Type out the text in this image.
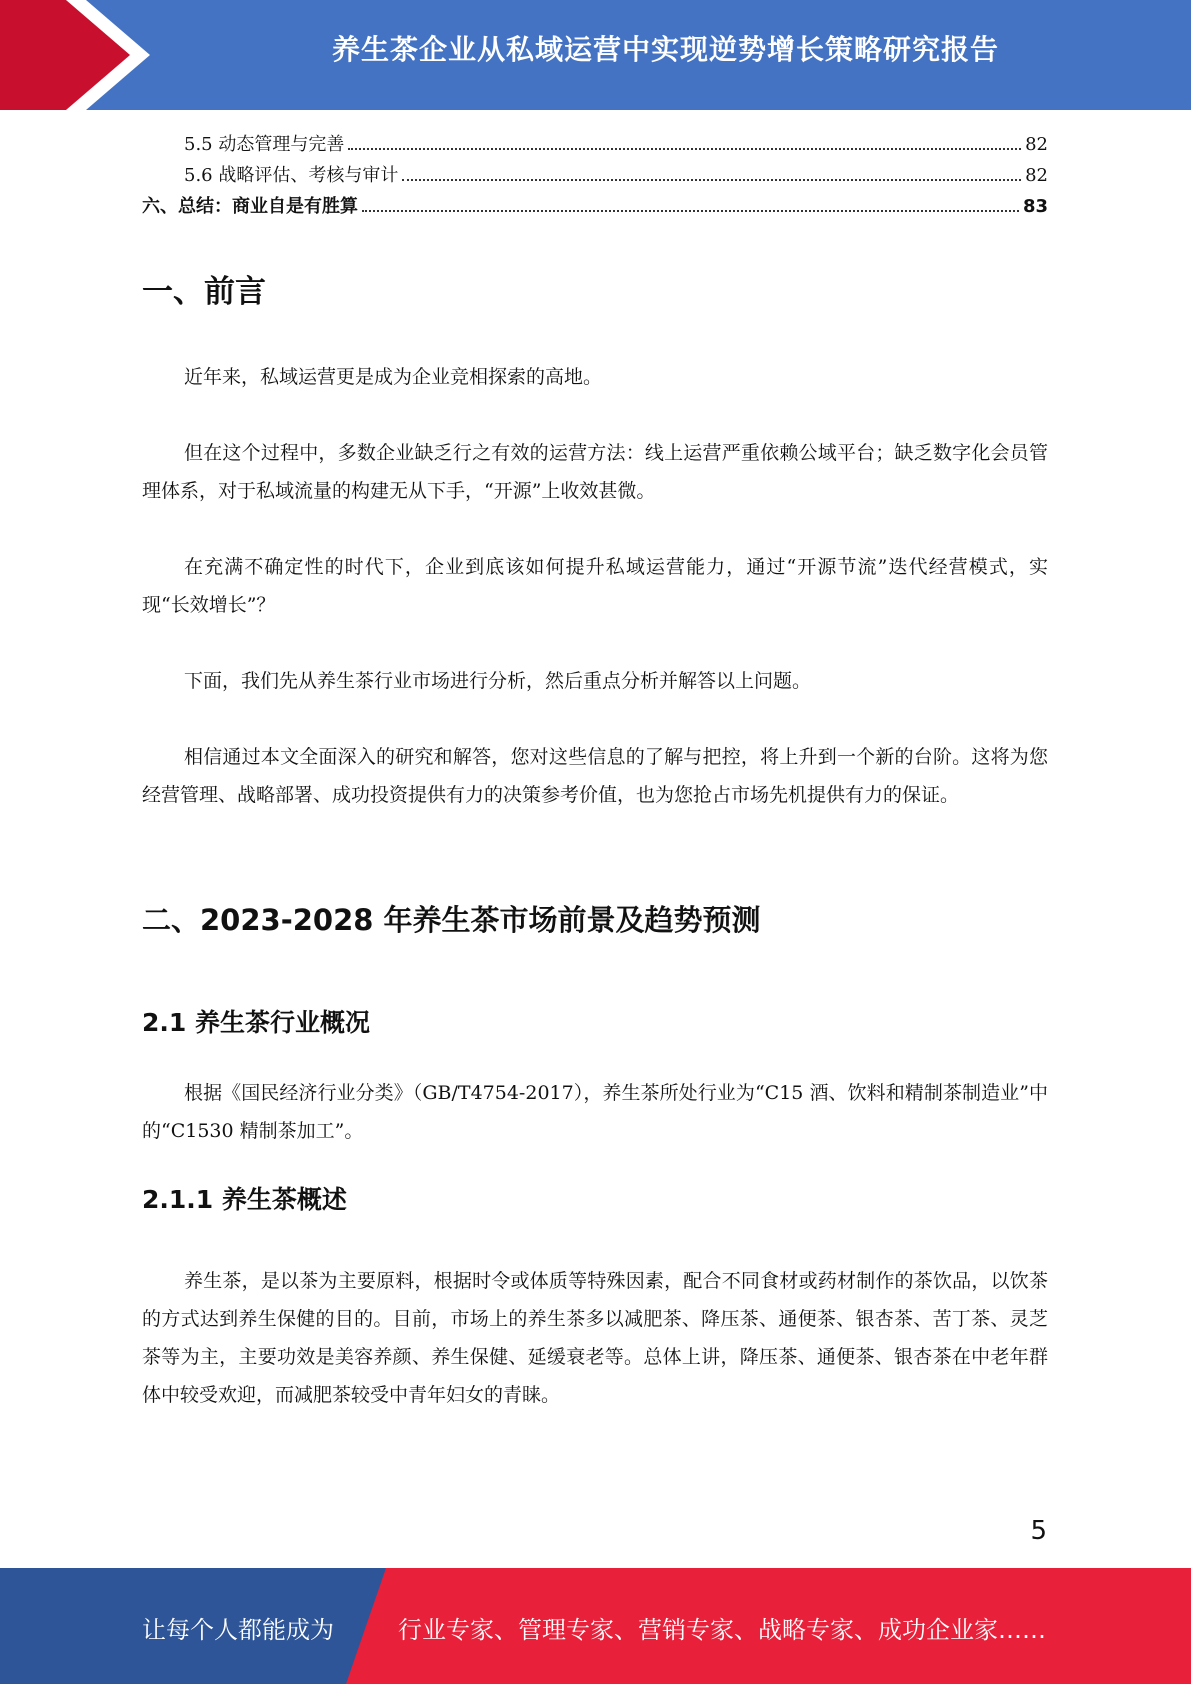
养生茶企业从私域运营中实现逆势增长策略研究报告
5.5 动态管理与完善	82
5.6 战略评估、考核与审计	82
六、总结：商业自是有胜算	83
一、前言

近年来，私域运营更是成为企业竞相探索的高地。

但在这个过程中，多数企业缺乏行之有效的运营方法：线上运营严重依赖公域平台；缺乏数字化会员管理体系，对于私域流量的构建无从下手，“开源”上收效甚微。

在充满不确定性的时代下，企业到底该如何提升私域运营能力，通过“开源节流”迭代经营模式，实现“长效增长”？

下面，我们先从养生茶行业市场进行分析，然后重点分析并解答以上问题。

相信通过本文全面深入的研究和解答，您对这些信息的了解与把控，将上升到一个新的台阶。这将为您经营管理、战略部署、成功投资提供有力的决策参考价值，也为您抢占市场先机提供有力的保证。

二、2023-2028 年养生茶市场前景及趋势预测
2.1 养生茶行业概况

根据《国民经济行业分类》（GB/T4754-2017），养生茶所处行业为“C15 酒、饮料和精制茶制造业”中的“C1530 精制茶加工”。

2.1.1 养生茶概述

养生茶，是以茶为主要原料，根据时令或体质等特殊因素，配合不同食材或药材制作的茶饮品，以饮茶的方式达到养生保健的目的。目前，市场上的养生茶多以减肥茶、降压茶、通便茶、银杏茶、苦丁茶、灵芝茶等为主，主要功效是美容养颜、养生保健、延缓衰老等。总体上讲，降压茶、通便茶、银杏茶在中老年群体中较受欢迎，而减肥茶较受中青年妇女的青睐。

5
让每个人都能成为	行业专家、管理专家、营销专家、战略专家、成功企业家……
